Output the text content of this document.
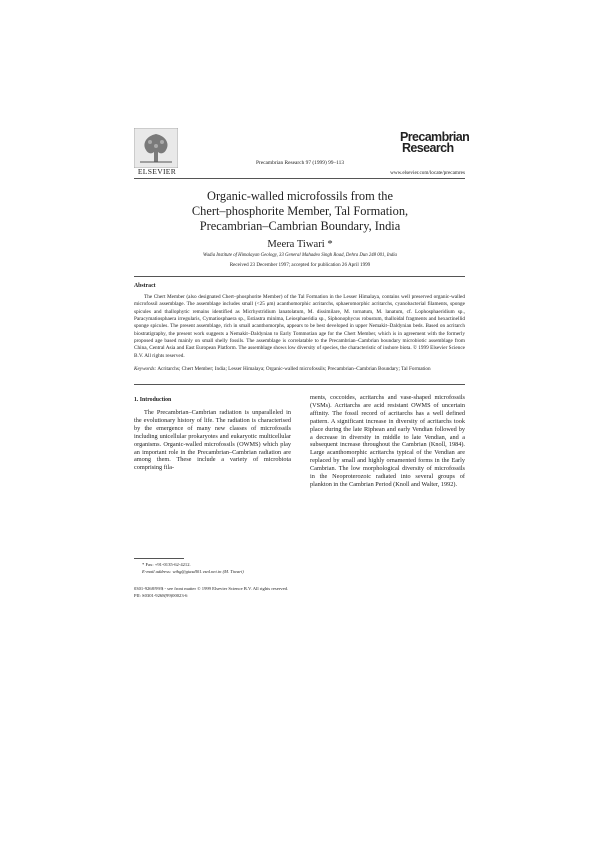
ELSEVIER
Precambrian Research 97 (1999) 99–113
Precambrian
Research
www.elsevier.com/locate/precamres
Organic-walled microfossils from the
Chert–phosphorite Member, Tal Formation,
Precambrian–Cambrian Boundary, India
Meera Tiwari *
Wadia Institute of Himalayan Geology, 33 General Mahadeo Singh Road, Dehra Dun 248 001, India
Received 23 December 1997; accepted for publication 26 April 1999
Abstract
The Chert Member (also designated Chert–phosphorite Member) of the Tal Formation in the Lesser Himalaya, contains well preserved organic-walled microfossil assemblage. The assemblage includes small (<25 μm) acanthomorphic acritarchs, sphaeromorphic acritarchs, cyanobacterial filaments, sponge spicules and thallophytic remains identified as Micrhystridium lanatolatum, M. dissimilare, M. tornatum, M. lanatum, cf. Lophosphaeridium sp., Paracymatiosphaera irregularis, Cymatiosphaera sp., Estiastra minima, Leiosphaeridia sp., Siphonophycus robustum, thalloidal fragments and hexactinellid sponge spicules. The present assemblage, rich in small acanthomorphs, appears to be best developed in upper Nemakit–Daldynian beds. Based on acritarch biostratigraphy, the present work suggests a Nemakit–Daldynian to Early Tommotian age for the Chert Member, which is in agreement with the formerly proposed age based mainly on small shelly fossils. The assemblage is correlatable to the Precambrian–Cambrian boundary microbiotic assemblage from China, Central Asia and East European Platform. The assemblage shows low diversity of species, the characteristic of inshore biota. © 1999 Elsevier Science B.V. All rights reserved.
Keywords: Acritarchs; Chert Member; India; Lesser Himalaya; Organic-walled microfossils; Precambrian–Cambrian Boundary; Tal Formation
1. Introduction
The Precambrian–Cambrian radiation is unparalleled in the evolutionary history of life. The radiation is characterised by the emergence of many new classes of microfossils including unicellular prokaryotes and eukaryotic multicellular organisms. Organic-walled microfossils (OWMS) which play an important role in the Precambrian–Cambrian radiation are among them. These include a variety of microbiota comprising fila-
ments, coccoides, acritarchs and vase-shaped microfossils (VSMs). Acritarchs are acid resistant OWMS of uncertain affinity. The fossil record of acritarchs has a well defined pattern. A significant increase in diversity of acritarchs took place during the late Riphean and early Vendian followed by a decrease in diversity in middle to late Vendian, and a subsequent increase throughout the Cambrian (Knoll, 1984). Large acanthomorphic acritarchs typical of the Vendian are replaced by small and highly ornamented forms in the Early Cambrian. The low morphological diversity of microfossils in the Neoproterozoic radiated into several groups of plankton in the Cambrian Period (Knoll and Walter, 1992).
* Fax: +91-0135-62-4212.
E-mail address: wihg@giasdl01.vsnl.net.in (M. Tiwari)
0301-9268/99/$ - see front matter © 1999 Elsevier Science B.V. All rights reserved.
PII: S0301-9268(99)00023-6
